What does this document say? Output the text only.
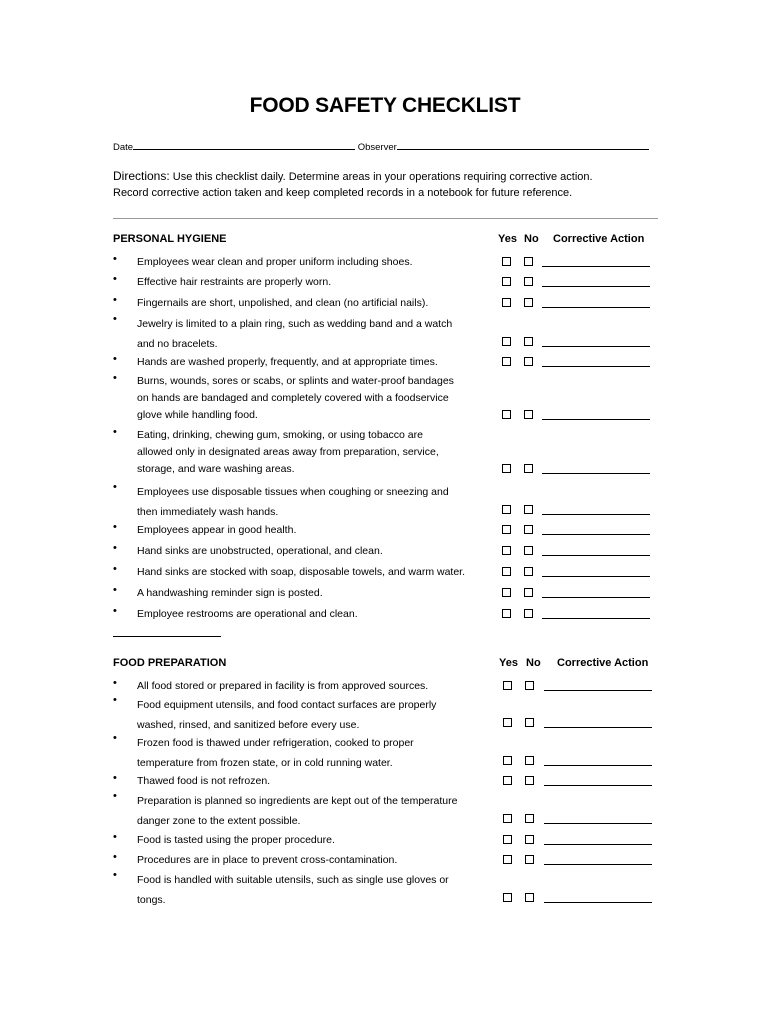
FOOD SAFETY CHECKLIST
Date	Observer
Directions: Use this checklist daily. Determine areas in your operations requiring corrective action.
Record corrective action taken and keep completed records in a notebook for future reference.
PERSONAL HYGIENE	Yes No Corrective Action
• Employees wear clean and proper uniform including shoes.
• Effective hair restraints are properly worn.
• Fingernails are short, unpolished, and clean (no artificial nails).
• Jewelry is limited to a plain ring, such as wedding band and a watch
and no bracelets.
• Hands are washed properly, frequently, and at appropriate times.
• Burns, wounds, sores or scabs, or splints and water-proof bandages
on hands are bandaged and completely covered with a foodservice
glove while handling food.
• Eating, drinking, chewing gum, smoking, or using tobacco are
allowed only in designated areas away from preparation, service,
storage, and ware washing areas.
• Employees use disposable tissues when coughing or sneezing and
then immediately wash hands.
• Employees appear in good health.
• Hand sinks are unobstructed, operational, and clean.
• Hand sinks are stocked with soap, disposable towels, and warm water.
• A handwashing reminder sign is posted.
• Employee restrooms are operational and clean.
FOOD PREPARATION	Yes No Corrective Action
• All food stored or prepared in facility is from approved sources.
• Food equipment utensils, and food contact surfaces are properly
washed, rinsed, and sanitized before every use.
• Frozen food is thawed under refrigeration, cooked to proper
temperature from frozen state, or in cold running water.
• Thawed food is not refrozen.
• Preparation is planned so ingredients are kept out of the temperature
danger zone to the extent possible.
• Food is tasted using the proper procedure.
• Procedures are in place to prevent cross-contamination.
• Food is handled with suitable utensils, such as single use gloves or
tongs.
